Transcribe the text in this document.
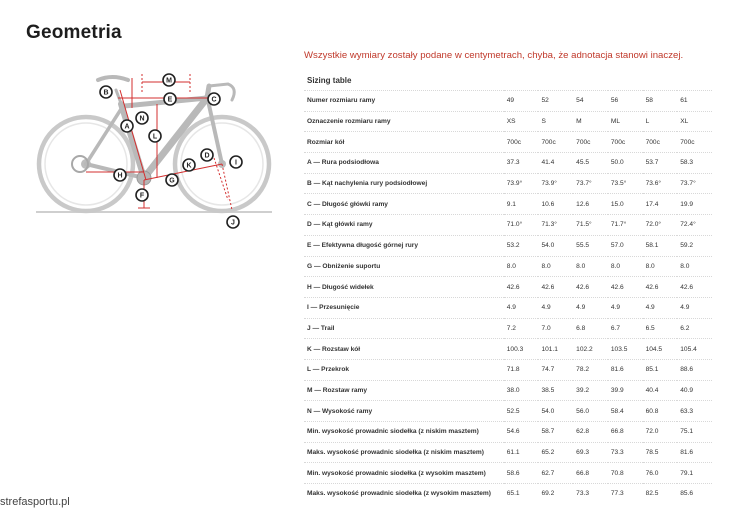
Geometria
Wszystkie wymiary zostały podane w centymetrach, chyba, że adnotacja stanowi inaczej.
A
B
C
D
E
F
G
H
I
J
K
L
M
N
Sizing table						
Numer rozmiaru ramy	49	52	54	56	58	61
Oznaczenie rozmiaru ramy	XS	S	M	ML	L	XL
Rozmiar kół	700c	700c	700c	700c	700c	700c
A — Rura podsiodłowa	37.3	41.4	45.5	50.0	53.7	58.3
B — Kąt nachylenia rury podsiodłowej	73.9°	73.9°	73.7°	73.5°	73.6°	73.7°
C — Długość główki ramy	9.1	10.6	12.6	15.0	17.4	19.9
D — Kąt główki ramy	71.0°	71.3°	71.5°	71.7°	72.0°	72.4°
E — Efektywna długość górnej rury	53.2	54.0	55.5	57.0	58.1	59.2
G — Obniżenie suportu	8.0	8.0	8.0	8.0	8.0	8.0
H — Długość widełek	42.6	42.6	42.6	42.6	42.6	42.6
I — Przesunięcie	4.9	4.9	4.9	4.9	4.9	4.9
J — Trail	7.2	7.0	6.8	6.7	6.5	6.2
K — Rozstaw kół	100.3	101.1	102.2	103.5	104.5	105.4
L — Przekrok	71.8	74.7	78.2	81.6	85.1	88.6
M — Rozstaw ramy	38.0	38.5	39.2	39.9	40.4	40.9
N — Wysokość ramy	52.5	54.0	56.0	58.4	60.8	63.3
Min. wysokość prowadnic siodełka (z niskim masztem)	54.6	58.7	62.8	66.8	72.0	75.1
Maks. wysokość prowadnic siodełka (z niskim masztem)	61.1	65.2	69.3	73.3	78.5	81.6
Min. wysokość prowadnic siodełka (z wysokim masztem)	58.6	62.7	66.8	70.8	76.0	79.1
Maks. wysokość prowadnic siodełka (z wysokim masztem)	65.1	69.2	73.3	77.3	82.5	85.6
strefasportu.pl
